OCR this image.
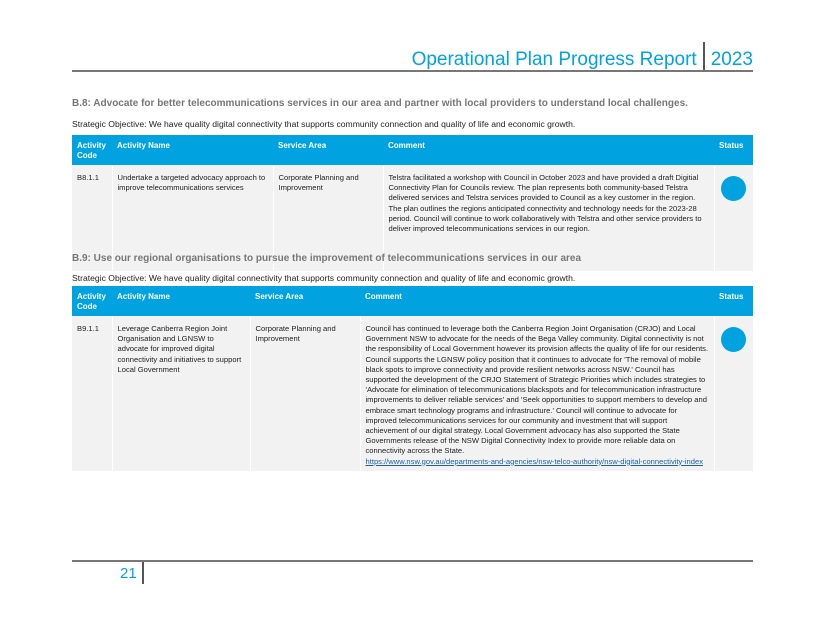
Operational Plan Progress Report 2023
B.8: Advocate for better telecommunications services in our area and partner with local providers to understand local challenges.
Strategic Objective: We have quality digital connectivity that supports community connection and quality of life and economic growth.
Activity Code	Activity Name	Service Area	Comment	Status
B8.1.1	Undertake a targeted advocacy approach to improve telecommunications services	Corporate Planning and Improvement	Telstra facilitated a workshop with Council in October 2023 and have provided a draft Digitial Connectivity Plan for Councils review. The plan represents both community-based Telstra delivered services and Telstra services provided to Council as a key customer in the region. The plan outlines the regions anticipated connectivity and technology needs for the 2023-28 period. Council will continue to work collaboratively with Telstra and other service providers to deliver improved telecommunications services in our region.	
B.9: Use our regional organisations to pursue the improvement of telecommunications services in our area
Strategic Objective: We have quality digital connectivity that supports community connection and quality of life and economic growth.
Activity Code	Activity Name	Service Area	Comment	Status
B9.1.1	Leverage Canberra Region Joint Organisation and LGNSW to advocate for improved digital connectivity and initiatives to support Local Government	Corporate Planning and Improvement	Council has continued to leverage both the Canberra Region Joint Organisation (CRJO) and Local Government NSW to advocate for the needs of the Bega Valley community. Digital connectivity is not the responsibility of Local Government however its provision affects the quality of life for our residents. Council supports the LGNSW policy position that it continues to advocate for 'The removal of mobile black spots to improve connectivity and provide resilient networks across NSW.' Council has supported the development of the CRJO Statement of Strategic Priorities which includes strategies to 'Advocate for elimination of telecommunications blackspots and for telecommunication infrastructure improvements to deliver reliable services' and 'Seek opportunities to support members to develop and embrace smart technology programs and infrastructure.' Council will continue to advocate for improved telecommunications services for our community and investment that will support achievement of our digital strategy. Local Government advocacy has also supported the State Governments release of the NSW Digital Connectivity Index to provide more reliable data on connectivity across the State.
https://www.nsw.gov.au/departments-and-agencies/nsw-telco-authority/nsw-digital-connectivity-index	
21
